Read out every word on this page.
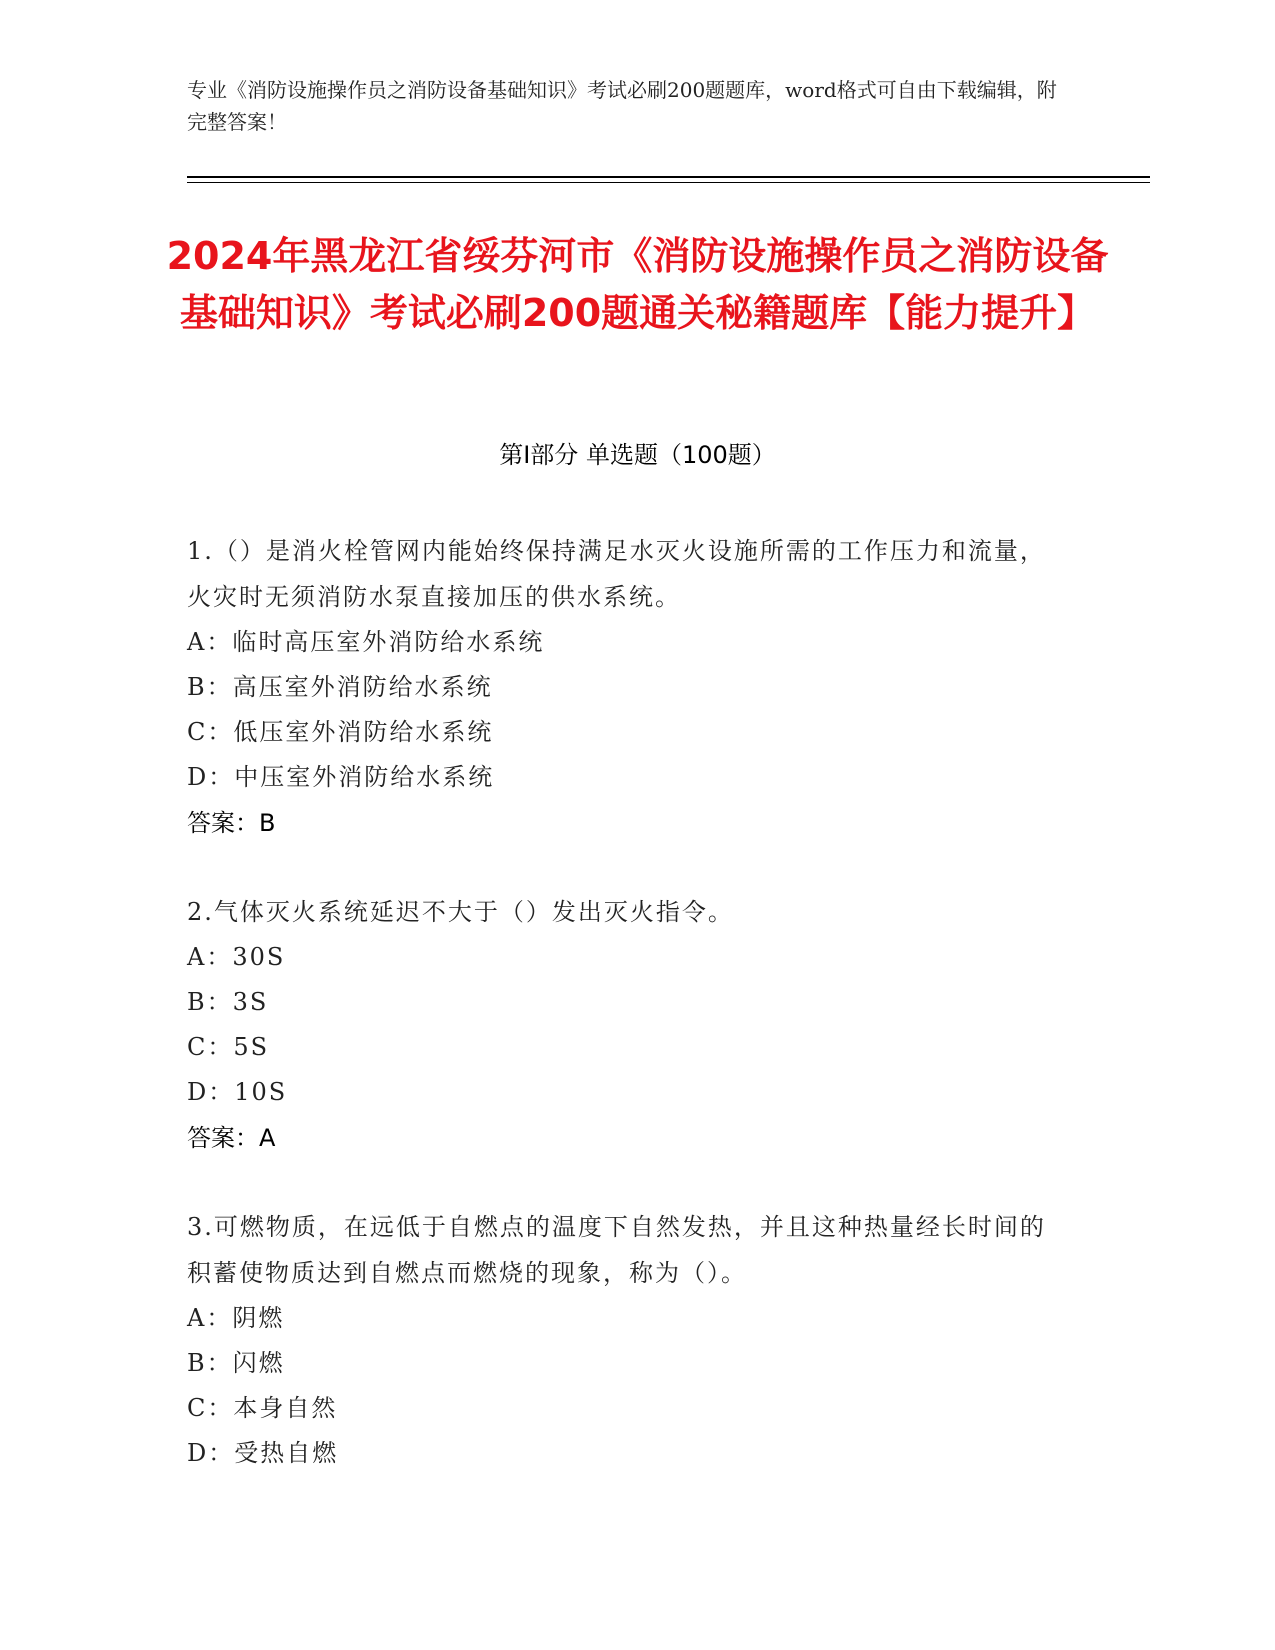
专业《消防设施操作员之消防设备基础知识》考试必刷200题题库，word格式可自由下载编辑，附完整答案！
2024年黑龙江省绥芬河市《消防设施操作员之消防设备基础知识》考试必刷200题通关秘籍题库【能力提升】
第Ⅰ部分 单选题（100题）
1.（）是消火栓管网内能始终保持满足水灭火设施所需的工作压力和流量，火灾时无须消防水泵直接加压的供水系统。
A：临时高压室外消防给水系统
B：高压室外消防给水系统
C：低压室外消防给水系统
D：中压室外消防给水系统
答案：B
2.气体灭火系统延迟不大于（）发出灭火指令。
A：30S
B：3S
C：5S
D：10S
答案：A
3.可燃物质，在远低于自燃点的温度下自然发热，并且这种热量经长时间的积蓄使物质达到自燃点而燃烧的现象，称为（）。
A：阴燃
B：闪燃
C：本身自然
D：受热自燃
